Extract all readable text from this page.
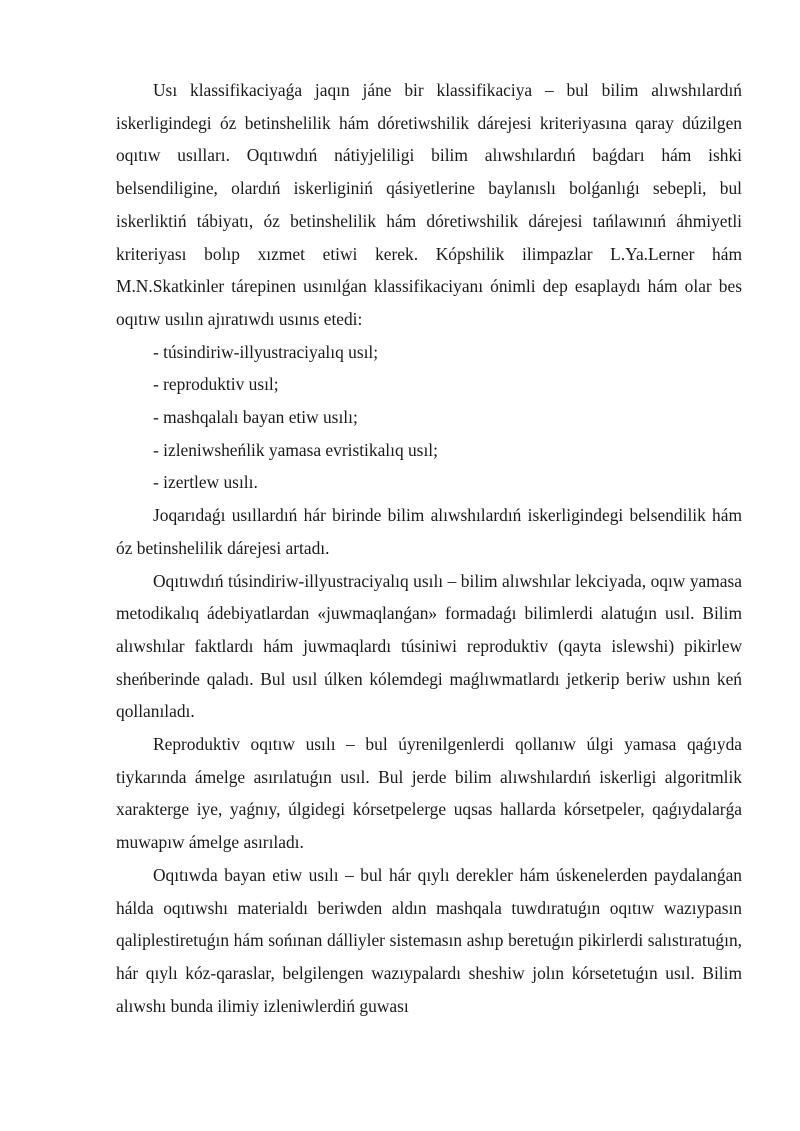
Usı klassifikaciyaǵa jaqın jáne bir klassifikaciya – bul bilim alıwshılardıń iskerligindegi óz betinshelilik hám dóretiwshilik dárejesi kriteriyasına qaray dúzilgen oqıtıw usılları. Oqıtıwdıń nátiyjeliligi bilim alıwshılardıń baǵdarı hám ishki belsendiligine, olardıń iskerliginiń qásiyetlerine baylanıslı bolǵanlıǵı sebepli, bul iskerliktiń tábiyatı, óz betinshelilik hám dóretiwshilik dárejesi tańlawınıń áhmiyetli kriteriyası bolıp xızmet etiwi kerek. Kópshilik ilimpazlar L.Ya.Lerner hám M.N.Skatkinler tárepinen usınılǵan klassifikaciyanı ónimli dep esaplaydı hám olar bes oqıtıw usılın ajıratıwdı usınıs etedi:

- túsindiriw-illyustraciyalıq usıl;
- reproduktiv usıl;
- mashqalalı bayan etiw usılı;
- izleniwsheńlik yamasa evristikalıq usıl;
- izertlew usılı.

Joqarıdaǵı usıllardıń hár birinde bilim alıwshılardıń iskerligindegi belsendilik hám óz betinshelilik dárejesi artadı.

Oqıtıwdıń túsindiriw-illyustraciyalıq usılı – bilim alıwshılar lekciyada, oqıw yamasa metodikalıq ádebiyatlardan «juwmaqlanǵan» formadaǵı bilimlerdi alatuǵın usıl. Bilim alıwshılar faktlardı hám juwmaqlardı túsiniwi reproduktiv (qayta islewshi) pikirlew sheńberinde qaladı. Bul usıl úlken kólemdegi maǵlıwmatlardı jetkerip beriw ushın keń qollanıladı.

Reproduktiv oqıtıw usılı – bul úyrenilgenlerdi qollanıw úlgi yamasa qaǵıyda tiykarında ámelge asırılatuǵın usıl. Bul jerde bilim alıwshılardıń iskerligi algoritmlik xarakterge iye, yaǵnıy, úlgidegi kórsetpelerge uqsas hallarda kórsetpeler, qaǵıydalarǵa muwapıw ámelge asırıladı.

Oqıtıwda bayan etiw usılı – bul hár qıylı derekler hám úskenelerden paydalanǵan hálda oqıtıwshı materialdı beriwden aldın mashqala tuwdıratuǵın oqıtıw wazıypasın qaliplestiretuǵın hám sońınan dálliyler sistemasın ashıp beretuǵın pikirlerdi salıstıratuǵın, hár qıylı kóz-qaraslar, belgilengen wazıypalardı sheshiw jolın kórsetetuǵın usıl. Bilim alıwshı bunda ilimiy izleniwlerdiń guwası
